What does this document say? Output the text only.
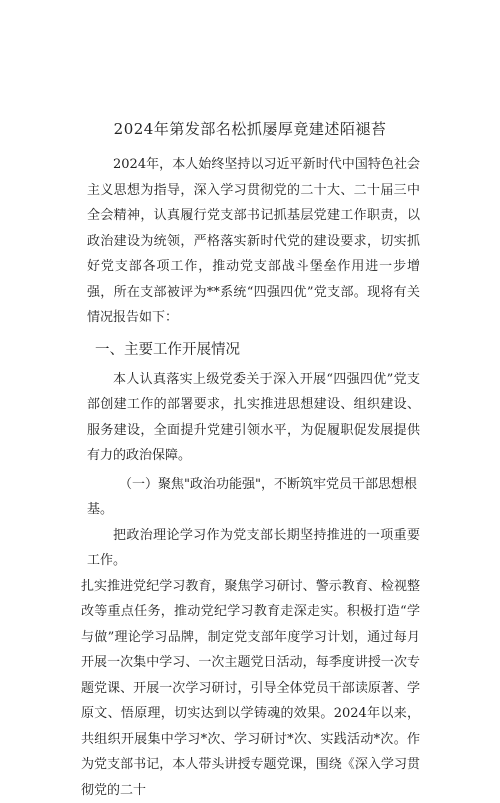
2024年第发部名松抓屡厚竟建述陌褪苔

2024年，本人始终坚持以习近平新时代中国特色社会主义思想为指导，深入学习贯彻党的二十大、二十届三中全会精神，认真履行党支部书记抓基层党建工作职责，以政治建设为统领，严格落实新时代党的建设要求，切实抓好党支部各项工作，推动党支部战斗堡垒作用进一步增强，所在支部被评为**系统“四强四优”党支部。现将有关情况报告如下：

一、主要工作开展情况

本人认真落实上级党委关于深入开展“四强四优”党支部创建工作的部署要求，扎实推进思想建设、组织建设、服务建设，全面提升党建引领水平，为促履职促发展提供有力的政治保障。

（一）聚焦"政治功能强"，不断筑牢党员干部思想根基。

把政治理论学习作为党支部长期坚持推进的一项重要工作。

扎实推进党纪学习教育，聚焦学习研讨、警示教育、检视整改等重点任务，推动党纪学习教育走深走实。积极打造“学与做”理论学习品牌，制定党支部年度学习计划，通过每月开展一次集中学习、一次主题党日活动，每季度讲授一次专题党课、开展一次学习研讨，引导全体党员干部读原著、学原文、悟原理，切实达到以学铸魂的效果。2024年以来，共组织开展集中学习*次、学习研讨*次、实践活动*次。作为党支部书记，本人带头讲授专题党课，围绕《深入学习贯彻党的二十
